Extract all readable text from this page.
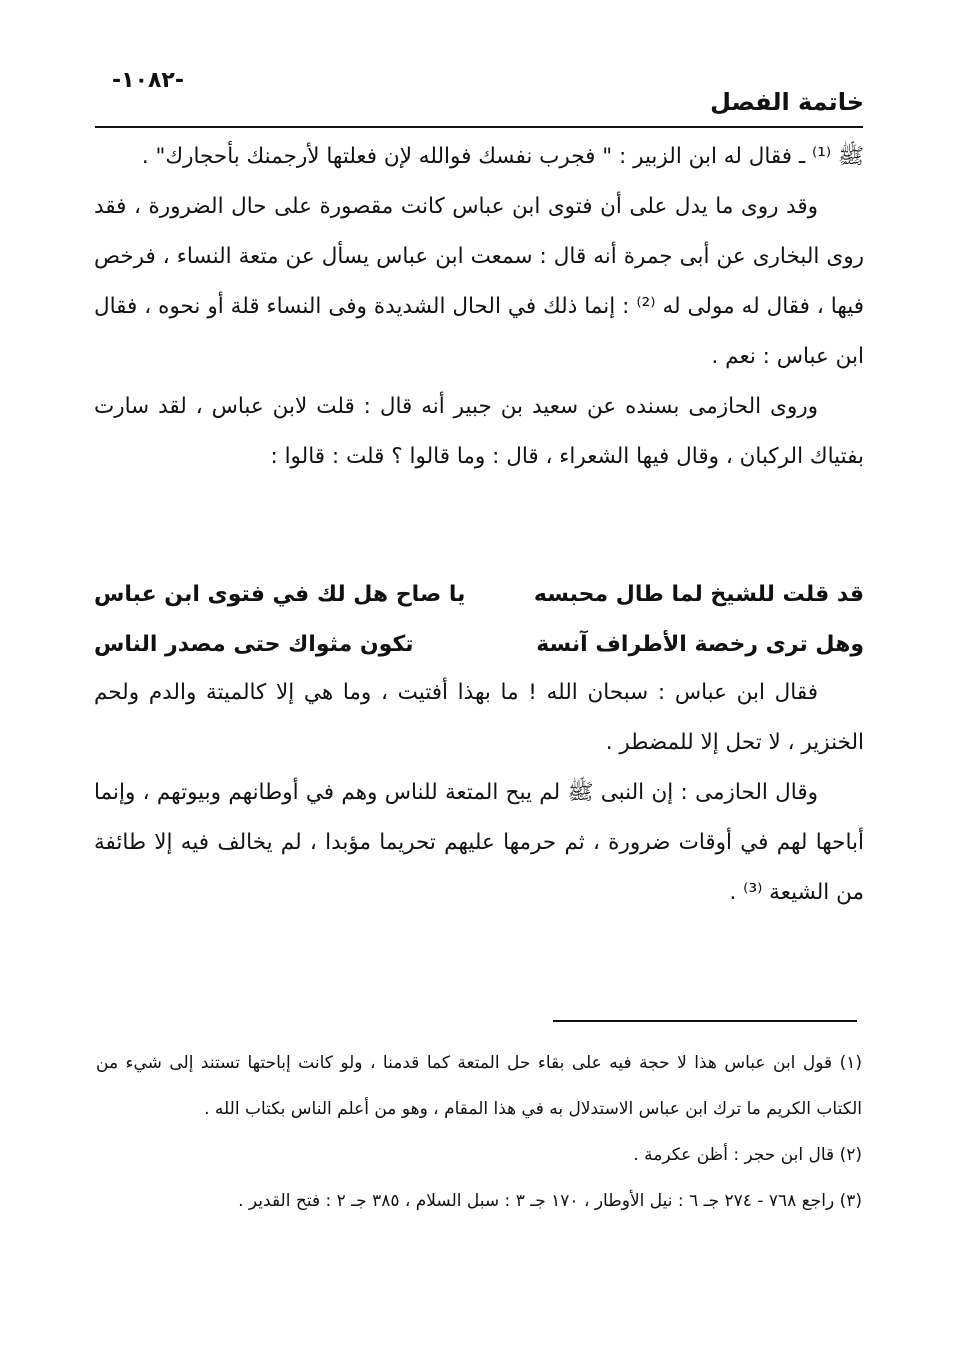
-١٠٨٢-
خاتمة الفصل

ﷺ ⁽¹⁾ ـ فقال له ابن الزبير : " فجرب نفسك فوالله لإن فعلتها لأرجمنك بأحجارك" .

وقد روى ما يدل على أن فتوى ابن عباس كانت مقصورة على حال الضرورة ، فقد روى البخارى عن أبى جمرة أنه قال : سمعت ابن عباس يسأل عن متعة النساء ، فرخص فيها ، فقال له مولى له ⁽²⁾ : إنما ذلك في الحال الشديدة وفى النساء قلة أو نحوه ، فقال ابن عباس : نعم .

وروى الحازمى بسنده عن سعيد بن جبير أنه قال : قلت لابن عباس ، لقد سارت بفتياك الركبان ، وقال فيها الشعراء ، قال : وما قالوا ؟ قلت : قالوا :

قد قلت للشيخ لما طال محبسه
يا صاح هل لك في فتوى ابن عباس
وهل ترى رخصة الأطراف آنسة
تكون مثواك حتى مصدر الناس

فقال ابن عباس : سبحان الله ! ما بهذا أفتيت ، وما هي إلا كالميتة والدم ولحم الخنزير ، لا تحل إلا للمضطر .

وقال الحازمى : إن النبى ﷺ لم يبح المتعة للناس وهم في أوطانهم وبيوتهم ، وإنما أباحها لهم في أوقات ضرورة ، ثم حرمها عليهم تحريما مؤبدا ، لم يخالف فيه إلا طائفة من الشيعة ⁽³⁾ .

(١) قول ابن عباس هذا لا حجة فيه على بقاء حل المتعة كما قدمنا ، ولو كانت إباحتها تستند إلى شيء من الكتاب الكريم ما ترك ابن عباس الاستدلال به في هذا المقام ، وهو من أعلم الناس بكتاب الله .

(٢) قال ابن حجر : أظن عكرمة .

(٣) راجع ٧٦٨ - ٢٧٤ جـ ٦ : نيل الأوطار ، ١٧٠ جـ ٣ : سبل السلام ، ٣٨٥ جـ ٢ : فتح القدير .
